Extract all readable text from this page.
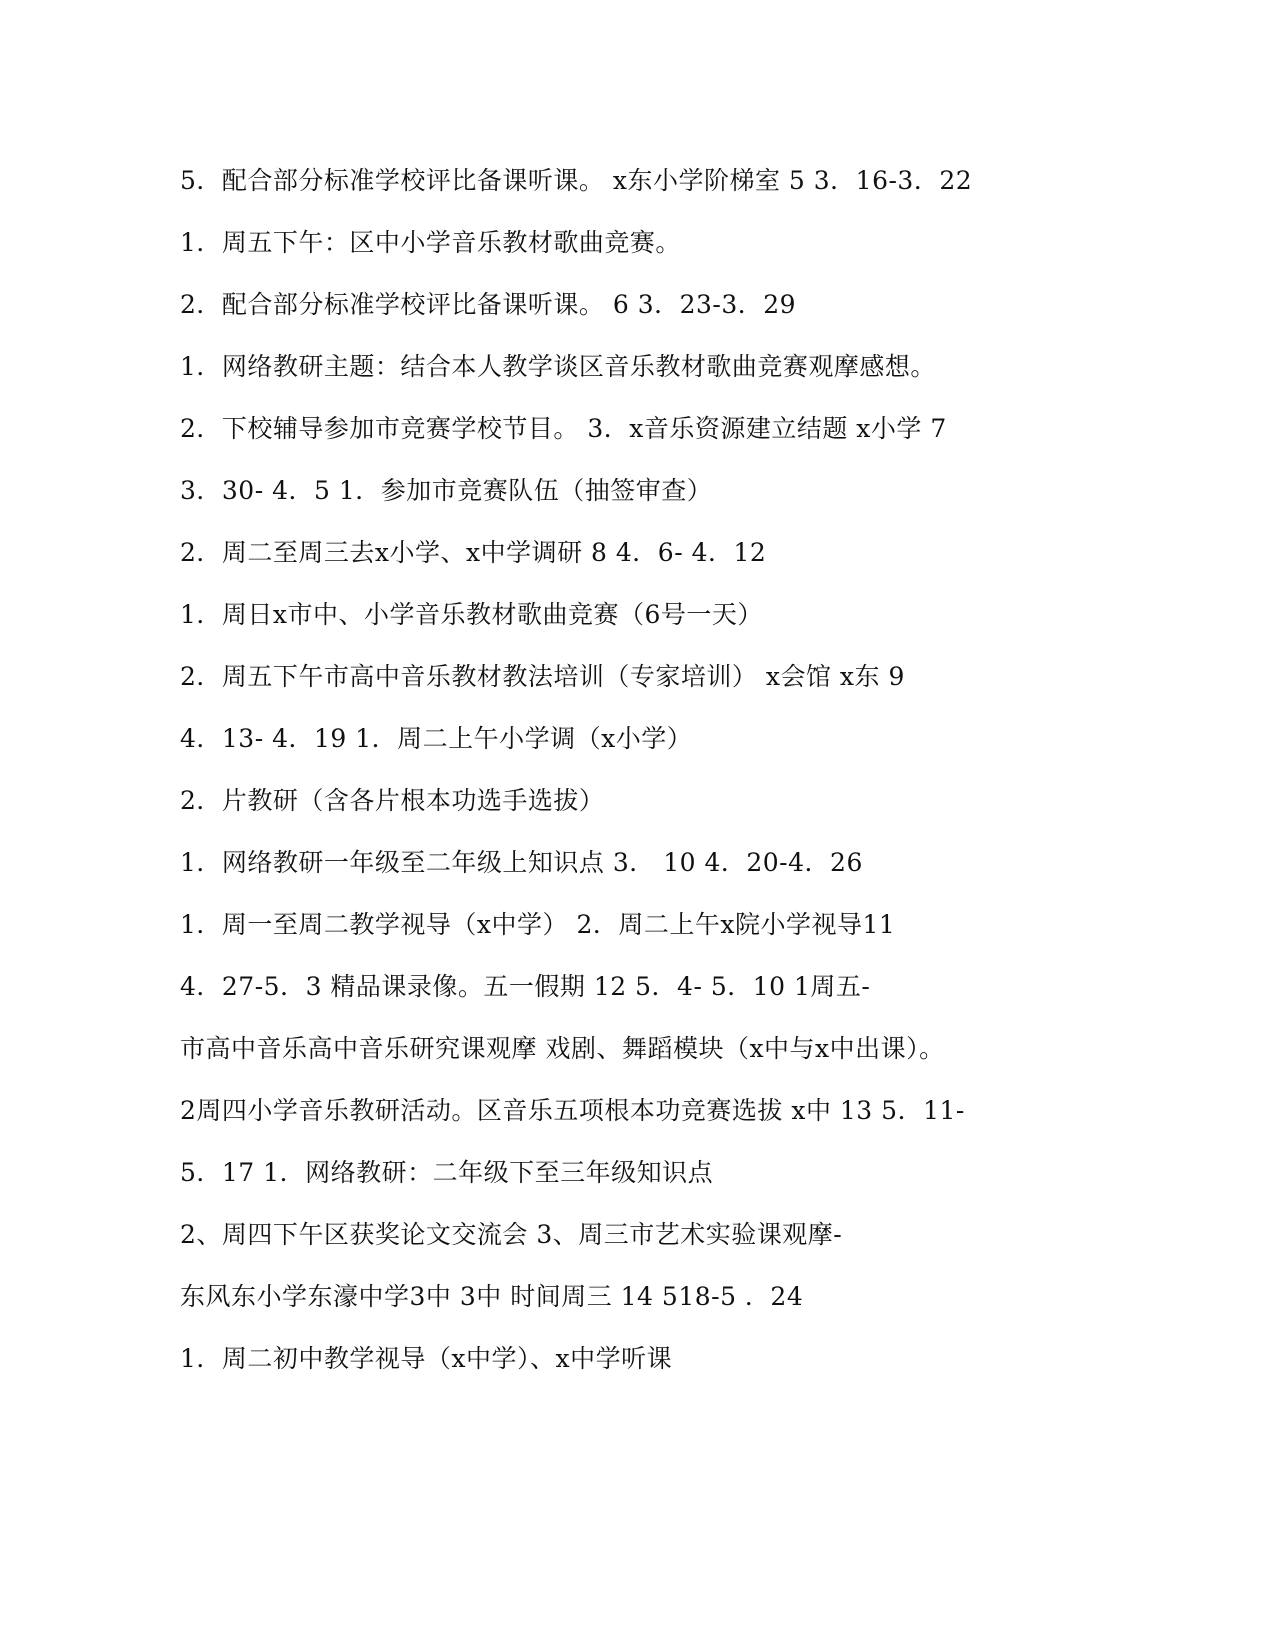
5．配合部分标准学校评比备课听课。 x东小学阶梯室 5 3．16-3．22
1．周五下午：区中小学音乐教材歌曲竞赛。
2．配合部分标准学校评比备课听课。 6 3．23-3．29
1．网络教研主题：结合本人教学谈区音乐教材歌曲竞赛观摩感想。
2．下校辅导参加市竞赛学校节目。 3．x音乐资源建立结题 x小学 7
3．30- 4．5 1．参加市竞赛队伍（抽签审查）
2．周二至周三去x小学、x中学调研 8 4．6- 4．12
1．周日x市中、小学音乐教材歌曲竞赛（6号一天）
2．周五下午市高中音乐教材教法培训（专家培训） x会馆 x东 9
4．13- 4．19 1．周二上午小学调（x小学）
2．片教研（含各片根本功选手选拔）
1．网络教研一年级至二年级上知识点 3． 10 4．20-4．26
1．周一至周二教学视导（x中学） 2．周二上午x院小学视导11
4．27-5．3 精品课录像。五一假期 12 5．4- 5．10 1周五-
市高中音乐高中音乐研究课观摩 戏剧、舞蹈模块（x中与x中出课）。
2周四小学音乐教研活动。区音乐五项根本功竞赛选拔 x中 13 5．11-
5．17 1．网络教研：二年级下至三年级知识点
2、周四下午区获奖论文交流会 3、周三市艺术实验课观摩-
东风东小学东濠中学3中 3中 时间周三 14 518-5 ．24
1．周二初中教学视导（x中学）、x中学听课
